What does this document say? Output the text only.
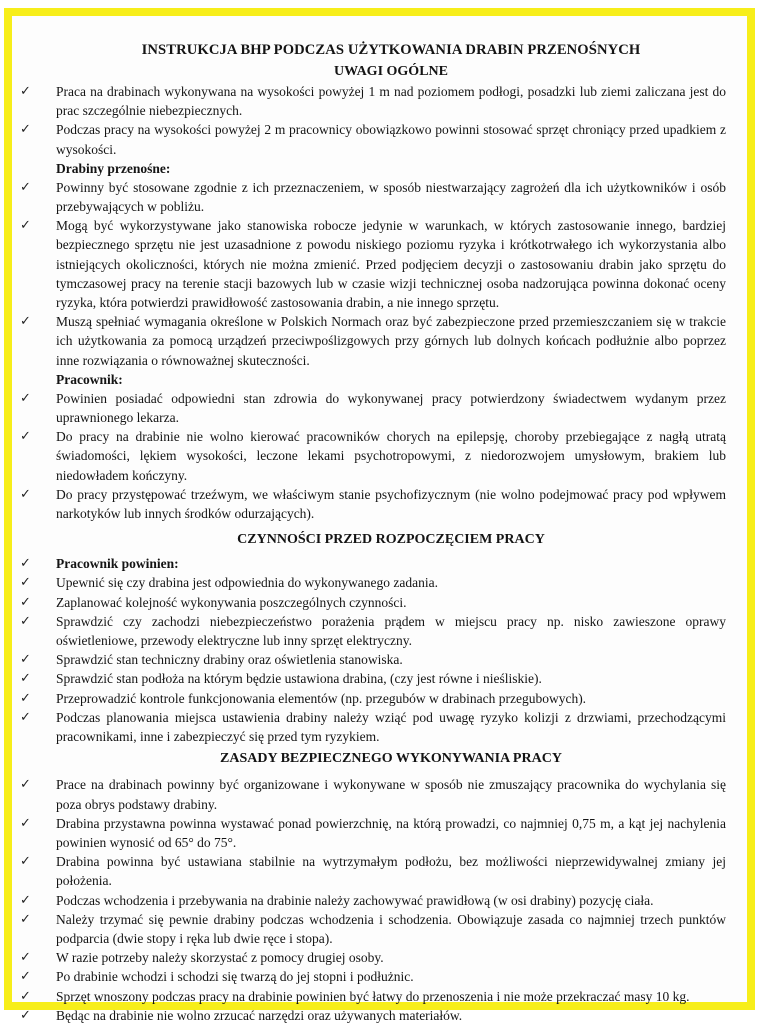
INSTRUKCJA BHP PODCZAS UŻYTKOWANIA DRABIN PRZENOŚNYCH
UWAGI OGÓLNE
✓ Praca na drabinach wykonywana na wysokości powyżej 1 m nad poziomem podłogi, posadzki lub ziemi zaliczana jest do prac szczególnie niebezpiecznych.
✓ Podczas pracy na wysokości powyżej 2 m pracownicy obowiązkowo powinni stosować sprzęt chroniący przed upadkiem z wysokości.
Drabiny przenośne:
✓ Powinny być stosowane zgodnie z ich przeznaczeniem, w sposób niestwarzający zagrożeń dla ich użytkowników i osób przebywających w pobliżu.
✓ Mogą być wykorzystywane jako stanowiska robocze jedynie w warunkach, w których zastosowanie innego, bardziej bezpiecznego sprzętu nie jest uzasadnione z powodu niskiego poziomu ryzyka i krótkotrwałego ich wykorzystania albo istniejących okoliczności, których nie można zmienić. Przed podjęciem decyzji o zastosowaniu drabin jako sprzętu do tymczasowej pracy na terenie stacji bazowych lub w czasie wizji technicznej osoba nadzorująca powinna dokonać oceny ryzyka, która potwierdzi prawidłowość zastosowania drabin, a nie innego sprzętu.
✓ Muszą spełniać wymagania określone w Polskich Normach oraz być zabezpieczone przed przemieszczaniem się w trakcie ich użytkowania za pomocą urządzeń przeciwpoślizgowych przy górnych lub dolnych końcach podłużnie albo poprzez inne rozwiązania o równoważnej skuteczności.
Pracownik:
✓ Powinien posiadać odpowiedni stan zdrowia do wykonywanej pracy potwierdzony świadectwem wydanym przez uprawnionego lekarza.
✓ Do pracy na drabinie nie wolno kierować pracowników chorych na epilepsję, choroby przebiegające z nagłą utratą świadomości, lękiem wysokości, leczone lekami psychotropowymi, z niedorozwojem umysłowym, brakiem lub niedowładem kończyny.
✓ Do pracy przystępować trzeźwym, we właściwym stanie psychofizycznym (nie wolno podejmować pracy pod wpływem narkotyków lub innych środków odurzających).
CZYNNOŚCI PRZED ROZPOCZĘCIEM PRACY
✓ Pracownik powinien:
✓ Upewnić się czy drabina jest odpowiednia do wykonywanego zadania.
✓ Zaplanować kolejność wykonywania poszczególnych czynności.
✓ Sprawdzić czy zachodzi niebezpieczeństwo porażenia prądem w miejscu pracy np. nisko zawieszone oprawy oświetleniowe, przewody elektryczne lub inny sprzęt elektryczny.
✓ Sprawdzić stan techniczny drabiny oraz oświetlenia stanowiska.
✓ Sprawdzić stan podłoża na którym będzie ustawiona drabina, (czy jest równe i nieśliskie).
✓ Przeprowadzić kontrole funkcjonowania elementów (np. przegubów w drabinach przegubowych).
✓ Podczas planowania miejsca ustawienia drabiny należy wziąć pod uwagę ryzyko kolizji z drzwiami, przechodzącymi pracownikami, inne i zabezpieczyć się przed tym ryzykiem.
ZASADY BEZPIECZNEGO WYKONYWANIA PRACY
✓ Prace na drabinach powinny być organizowane i wykonywane w sposób nie zmuszający pracownika do wychylania się poza obrys podstawy drabiny.
✓ Drabina przystawna powinna wystawać ponad powierzchnię, na którą prowadzi, co najmniej 0,75 m, a kąt jej nachylenia powinien wynosić od 65° do 75°.
✓ Drabina powinna być ustawiana stabilnie na wytrzymałym podłożu, bez możliwości nieprzewidywalnej zmiany jej położenia.
✓ Podczas wchodzenia i przebywania na drabinie należy zachowywać prawidłową (w osi drabiny) pozycję ciała.
✓ Należy trzymać się pewnie drabiny podczas wchodzenia i schodzenia. Obowiązuje zasada co najmniej trzech punktów podparcia (dwie stopy i ręka lub dwie ręce i stopa).
✓ W razie potrzeby należy skorzystać z pomocy drugiej osoby.
✓ Po drabinie wchodzi i schodzi się twarzą do jej stopni i podłużnic.
✓ Sprzęt wnoszony podczas pracy na drabinie powinien być łatwy do przenoszenia i nie może przekraczać masy 10 kg.
✓ Będąc na drabinie nie wolno zrzucać narzędzi oraz używanych materiałów.
